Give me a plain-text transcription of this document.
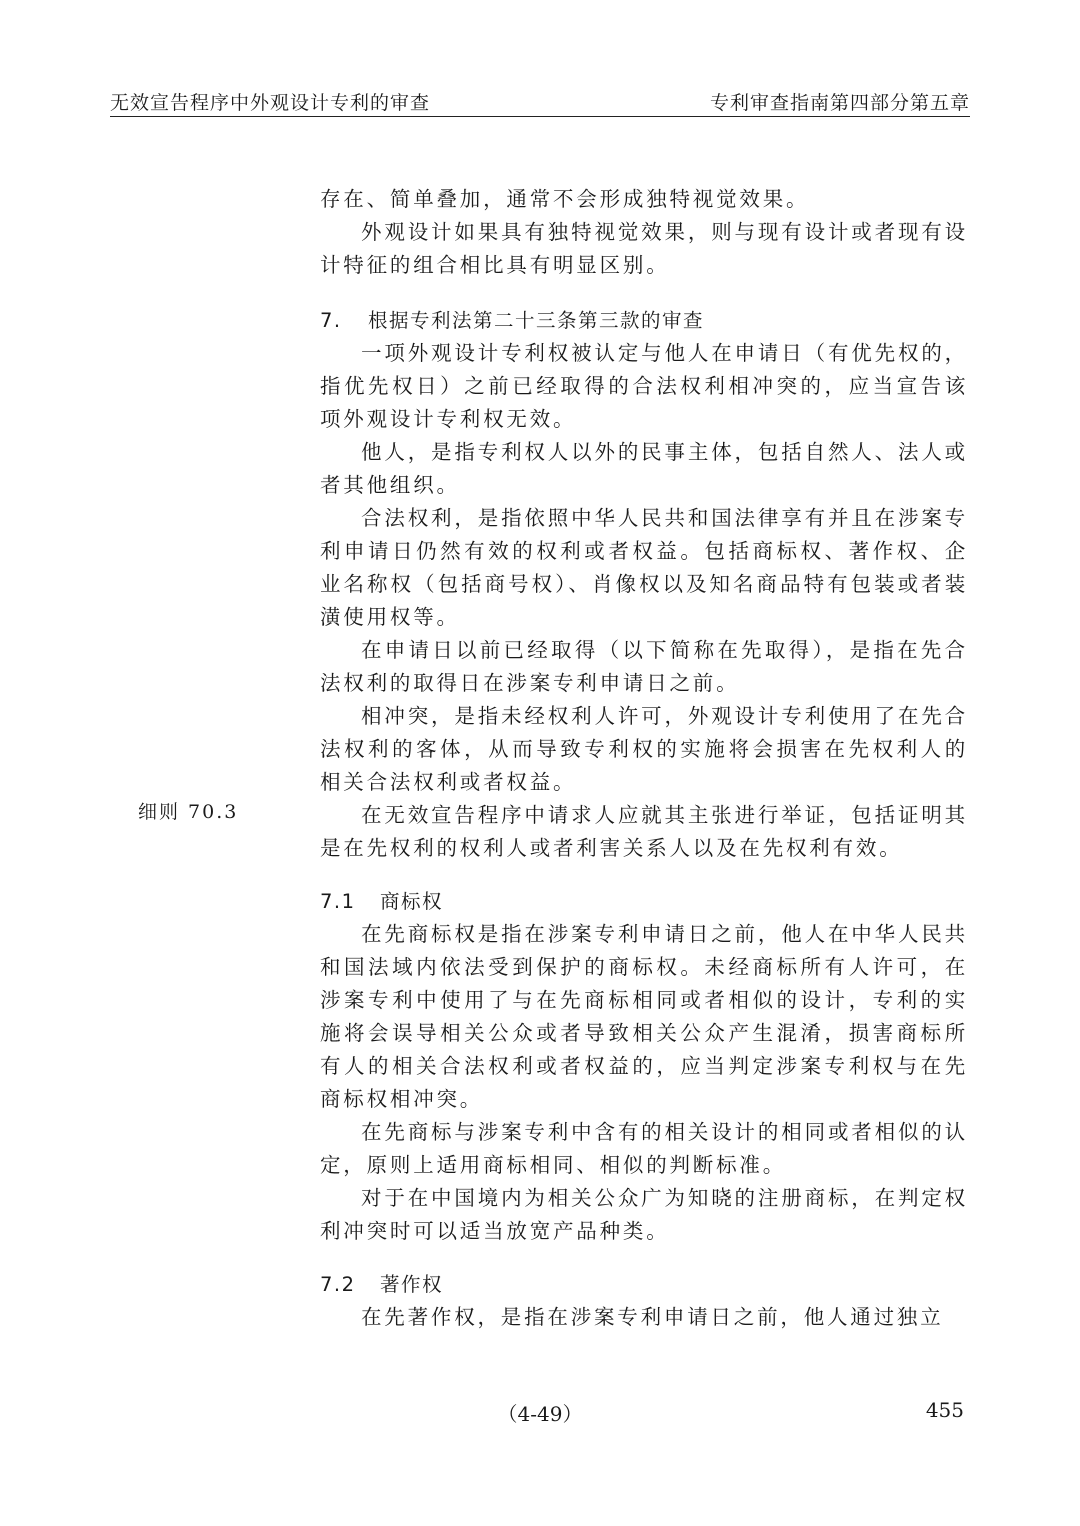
无效宣告程序中外观设计专利的审查	专利审查指南第四部分第五章
细则 70.3

存在、简单叠加，通常不会形成独特视觉效果。

外观设计如果具有独特视觉效果，则与现有设计或者现有设计特征的组合相比具有明显区别。

7. 根据专利法第二十三条第三款的审查

一项外观设计专利权被认定与他人在申请日（有优先权的，指优先权日）之前已经取得的合法权利相冲突的，应当宣告该项外观设计专利权无效。

他人，是指专利权人以外的民事主体，包括自然人、法人或者其他组织。

合法权利，是指依照中华人民共和国法律享有并且在涉案专利申请日仍然有效的权利或者权益。包括商标权、著作权、企业名称权（包括商号权）、肖像权以及知名商品特有包装或者装潢使用权等。

在申请日以前已经取得（以下简称在先取得），是指在先合法权利的取得日在涉案专利申请日之前。

相冲突，是指未经权利人许可，外观设计专利使用了在先合法权利的客体，从而导致专利权的实施将会损害在先权利人的相关合法权利或者权益。

在无效宣告程序中请求人应就其主张进行举证，包括证明其是在先权利的权利人或者利害关系人以及在先权利有效。

7.1 商标权

在先商标权是指在涉案专利申请日之前，他人在中华人民共和国法域内依法受到保护的商标权。未经商标所有人许可，在涉案专利中使用了与在先商标相同或者相似的设计，专利的实施将会误导相关公众或者导致相关公众产生混淆，损害商标所有人的相关合法权利或者权益的，应当判定涉案专利权与在先商标权相冲突。

在先商标与涉案专利中含有的相关设计的相同或者相似的认定，原则上适用商标相同、相似的判断标准。

对于在中国境内为相关公众广为知晓的注册商标，在判定权利冲突时可以适当放宽产品种类。

7.2 著作权

在先著作权，是指在涉案专利申请日之前，他人通过独立

（4-49）	455
